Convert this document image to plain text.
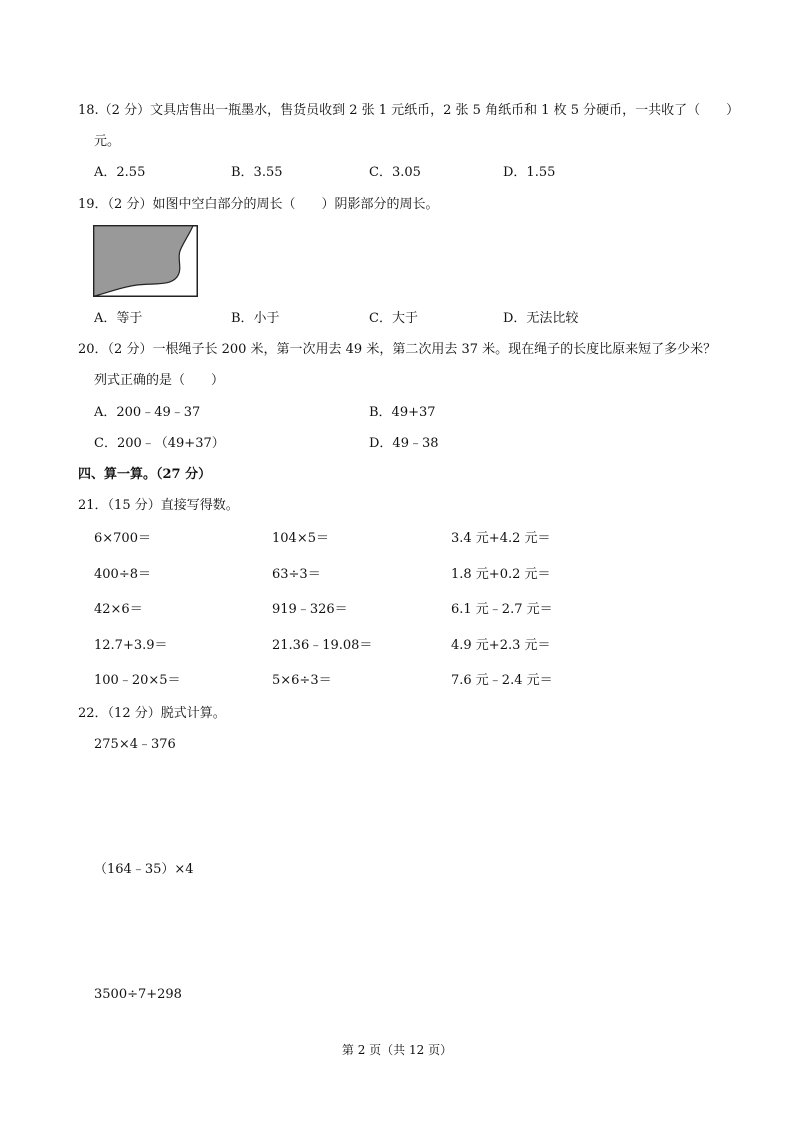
18.（2 分）文具店售出一瓶墨水，售货员收到 2 张 1 元纸币，2 张 5 角纸币和 1 枚 5 分硬币，一共收了（　　）
元。
A．2.55	B．3.55	C．3.05	D．1.55
19．（2 分）如图中空白部分的周长（　　）阴影部分的周长。
A．等于	B．小于	C．大于	D．无法比较
20．（2 分）一根绳子长 200 米，第一次用去 49 米，第二次用去 37 米。现在绳子的长度比原来短了多少米？
列式正确的是（　　）
A．200﹣49﹣37	B．49+37
C．200﹣（49+37）	D．49﹣38
四、算一算。（27 分）
21．（15 分）直接写得数。
6×700＝	104×5＝	3.4 元+4.2 元＝
400÷8＝	63÷3＝	1.8 元+0.2 元＝
42×6＝	919﹣326＝	6.1 元﹣2.7 元＝
12.7+3.9＝	21.36﹣19.08＝	4.9 元+2.3 元＝
100﹣20×5＝	5×6÷3＝	7.6 元﹣2.4 元＝
22．（12 分）脱式计算。
275×4﹣376
（164﹣35）×4
3500÷7+298
第 2 页（共 12 页）
